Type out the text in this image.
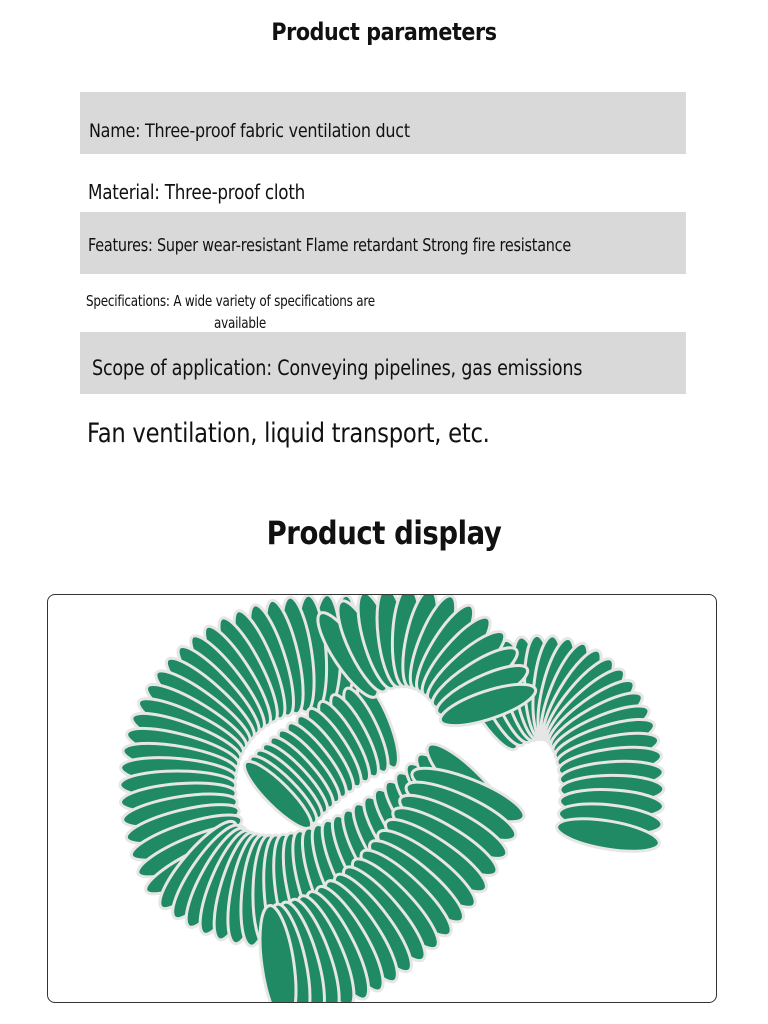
Product parameters
Name: Three-proof fabric ventilation duct
Material: Three-proof cloth
Features: Super wear-resistant Flame retardant Strong fire resistance
Specifications: A wide variety of specifications are
available
Scope of application: Conveying pipelines, gas emissions
Fan ventilation, liquid transport, etc.
Product display
